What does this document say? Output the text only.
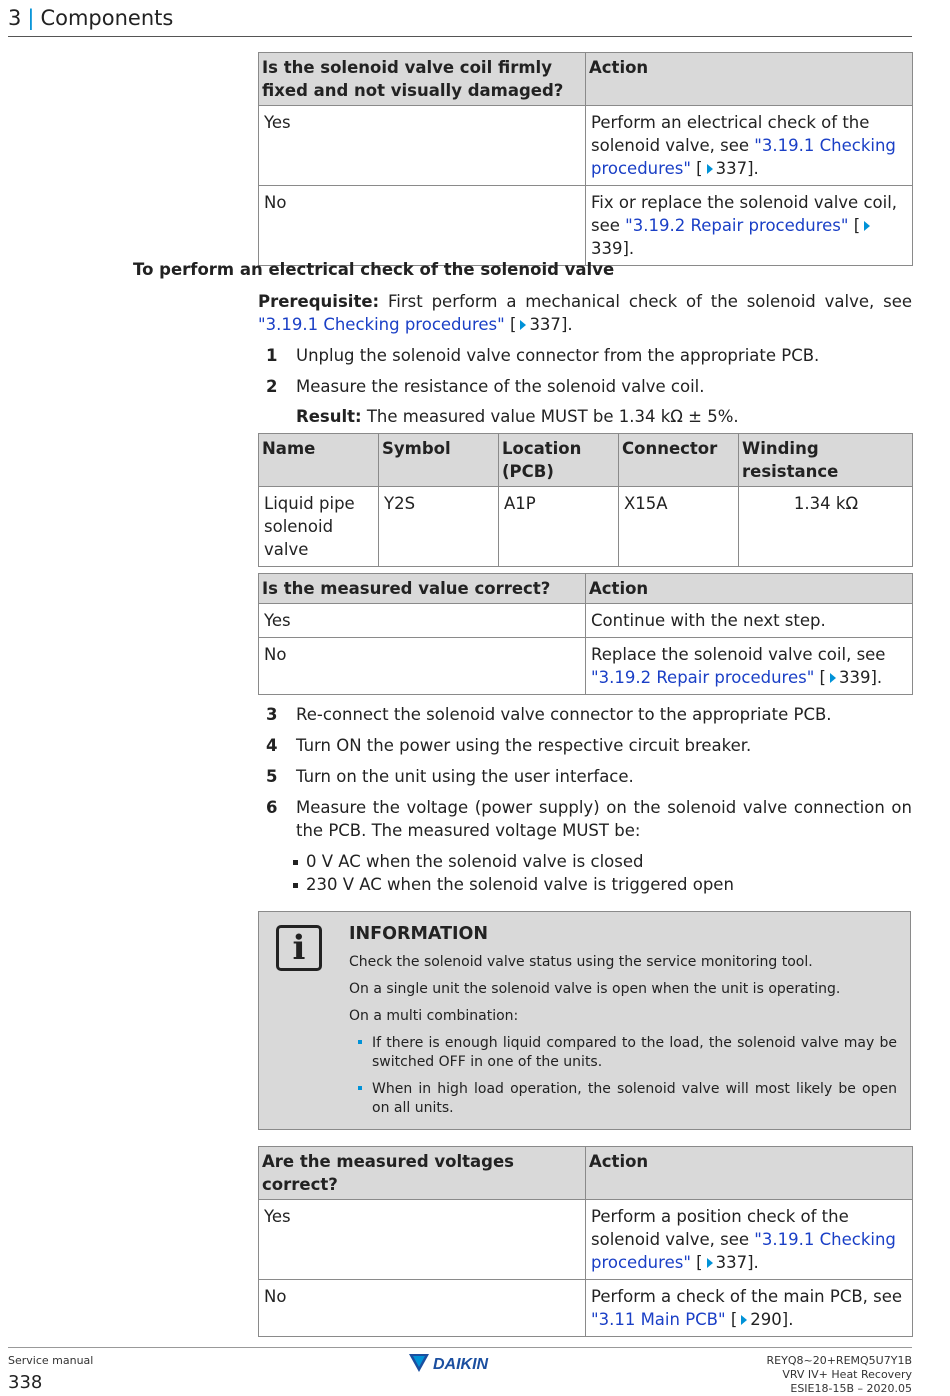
3 | Components
Is the solenoid valve coil firmly fixed and not visually damaged?	Action
Yes	Perform an electrical check of the solenoid valve, see "3.19.1 Checking procedures" [ 337].
No	Fix or replace the solenoid valve coil, see "3.19.2 Repair procedures" [339].
To perform an electrical check of the solenoid valve
Prerequisite: First perform a mechanical check of the solenoid valve, see "3.19.1 Checking procedures" [ 337].
1 Unplug the solenoid valve connector from the appropriate PCB.
2 Measure the resistance of the solenoid valve coil.
Result: The measured value MUST be 1.34 kΩ ± 5%.
Name	Symbol	Location (PCB)	Connector	Winding resistance
Liquid pipe solenoid valve	Y2S	A1P	X15A	1.34 kΩ
Is the measured value correct?	Action
Yes	Continue with the next step.
No	Replace the solenoid valve coil, see "3.19.2 Repair procedures" [ 339].
3 Re-connect the solenoid valve connector to the appropriate PCB.
4 Turn ON the power using the respective circuit breaker.
5 Turn on the unit using the user interface.
6 Measure the voltage (power supply) on the solenoid valve connection on the PCB. The measured voltage MUST be:
0 V AC when the solenoid valve is closed
230 V AC when the solenoid valve is triggered open
i	INFORMATION

Check the solenoid valve status using the service monitoring tool.

On a single unit the solenoid valve is open when the unit is operating.

On a multi combination:

If there is enough liquid compared to the load, the solenoid valve may be switched OFF in one of the units.
When in high load operation, the solenoid valve will most likely be open on all units.
Are the measured voltages correct?	Action
Yes	Perform a position check of the solenoid valve, see "3.19.1 Checking procedures" [ 337].
No	Perform a check of the main PCB, see "3.11 Main PCB" [ 290].
Service manual
338
DAIKIN	REYQ8~20+REMQ5U7Y1B
VRV IV+ Heat Recovery
ESIE18-15B – 2020.05
